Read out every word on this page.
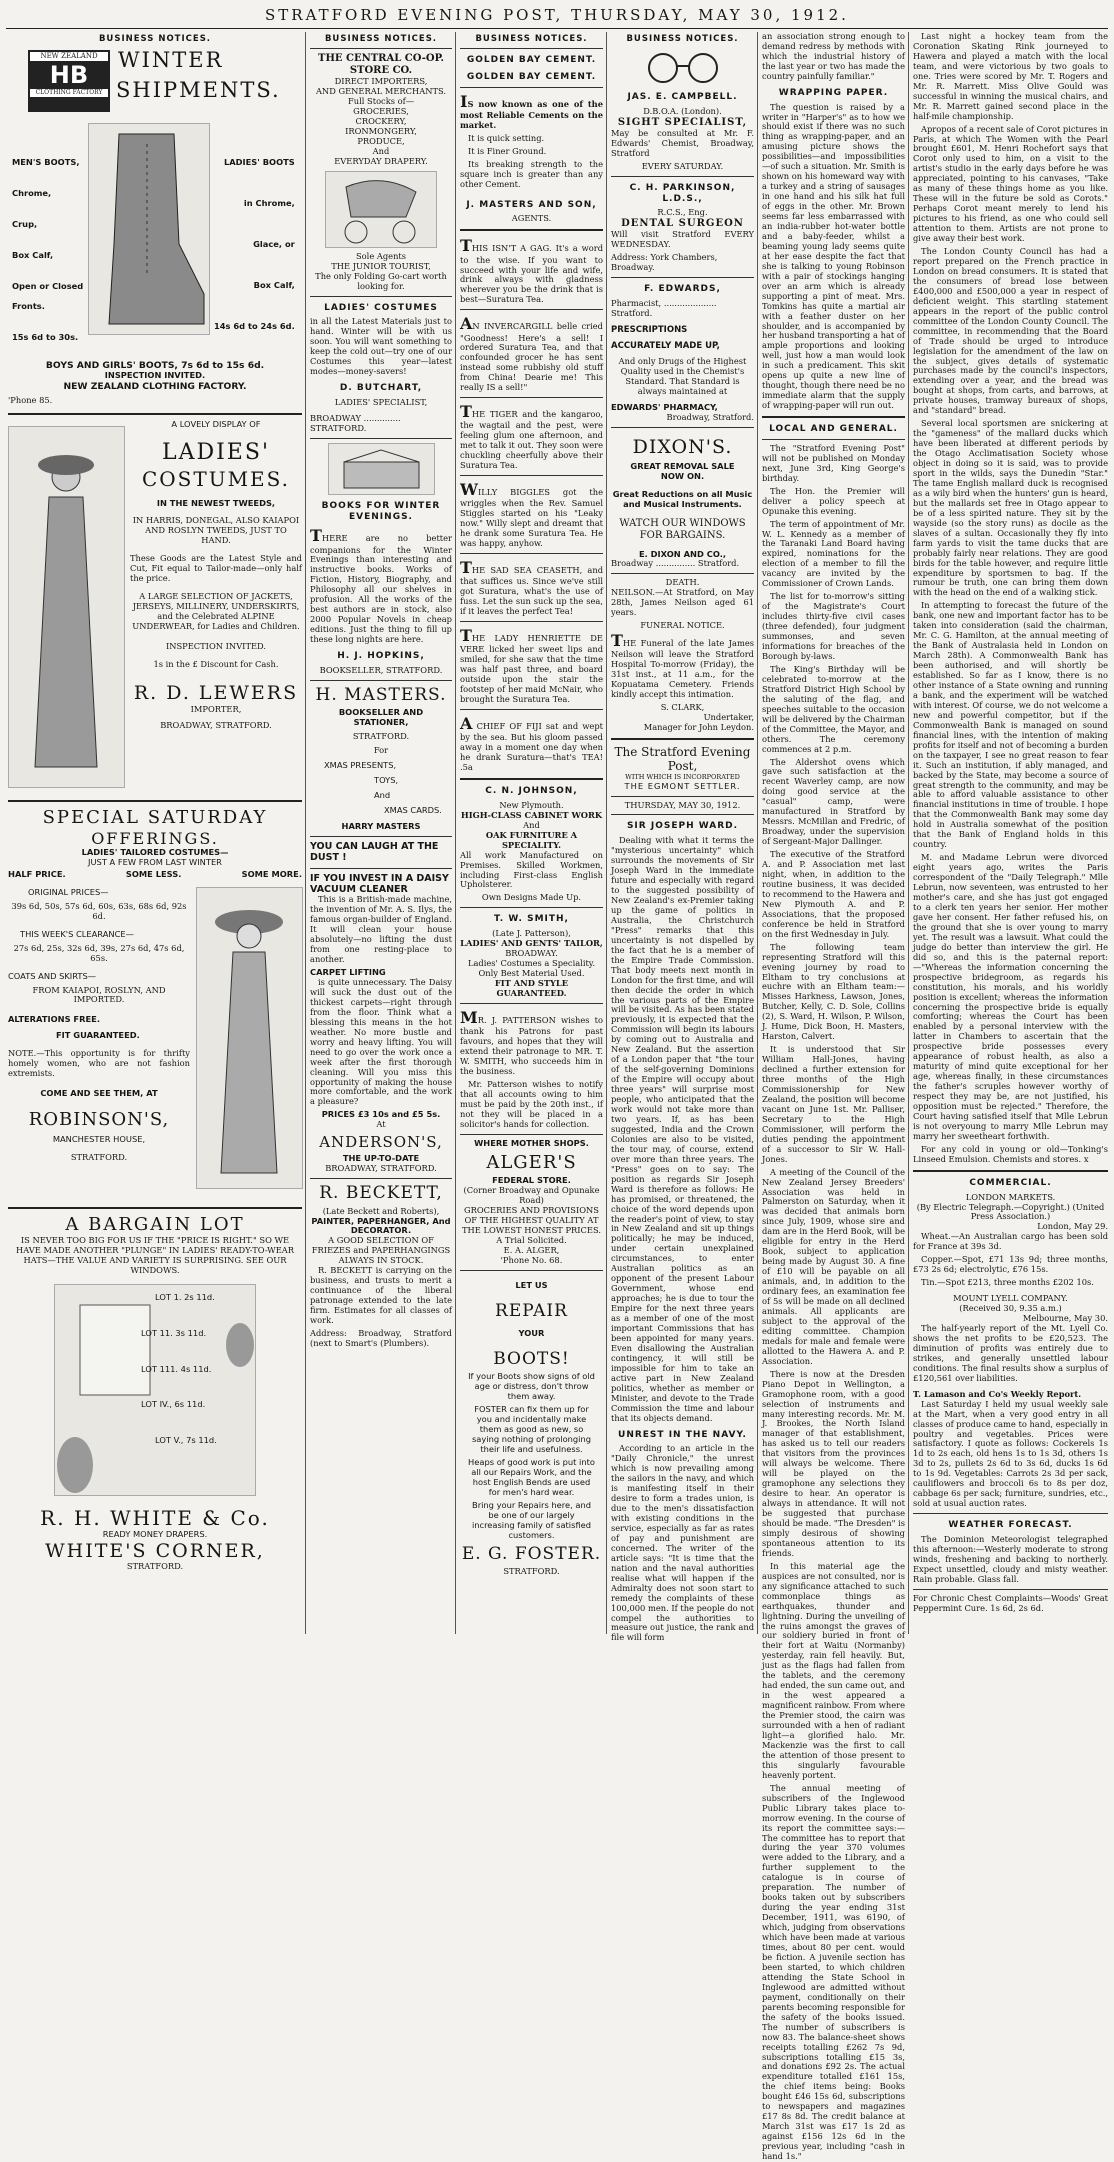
STRATFORD EVENING POST, THURSDAY, MAY 30, 1912.
BUSINESS NOTICES.
NEW ZEALAND
HB
CLOTHING FACTORY
WINTER
SHIPMENTS.
MEN'S BOOTS,
Chrome,
Crup,
Box Calf,
Open or Closed
Fronts.
15s 6d to 30s.
LADIES' BOOTS
in Chrome,
Glace, or
Box Calf,
14s 6d to 24s 6d.
BOYS AND GIRLS' BOOTS, 7s 6d to 15s 6d.
INSPECTION INVITED.
NEW ZEALAND CLOTHING FACTORY.
'Phone 85.
A LOVELY DISPLAY OF
LADIES'
COSTUMES.
IN THE NEWEST TWEEDS,
IN HARRIS, DONEGAL, ALSO KAIAPOI AND ROSLYN TWEEDS, JUST TO HAND.

These Goods are the Latest Style and Cut, Fit equal to Tailor-made—only half the price.

A LARGE SELECTION OF JACKETS, JERSEYS, MILLINERY, UNDERSKIRTS, and the Celebrated ALPINE UNDERWEAR, for Ladies and Children.
INSPECTION INVITED.
1s in the £ Discount for Cash.
R. D. LEWERS
IMPORTER,
BROADWAY, STRATFORD.
SPECIAL SATURDAY
OFFERINGS.
LADIES' TAILORED COSTUMES—
JUST A FEW FROM LAST WINTER
HALF PRICE.	SOME LESS.	SOME MORE.
ORIGINAL PRICES—
39s 6d, 50s, 57s 6d, 60s, 63s, 68s 6d, 92s 6d.
THIS WEEK'S CLEARANCE—
27s 6d, 25s, 32s 6d, 39s, 27s 6d, 47s 6d, 65s.
COATS AND SKIRTS—
FROM KAIAPOI, ROSLYN, AND IMPORTED.
ALTERATIONS FREE.
FIT GUARANTEED.

NOTE.—This opportunity is for thrifty homely women, who are not fashion extremists.

COME AND SEE THEM, AT
ROBINSON'S,
MANCHESTER HOUSE,
STRATFORD.
A BARGAIN LOT
IS NEVER TOO BIG FOR US IF THE "PRICE IS RIGHT." SO WE HAVE MADE ANOTHER "PLUNGE" IN LADIES' READY-TO-WEAR HATS—THE VALUE AND VARIETY IS SURPRISING. SEE OUR WINDOWS.
LOT 1. 2s 11d.
LOT 11. 3s 11d.
LOT 111. 4s 11d.
LOT IV., 6s 11d.
LOT V., 7s 11d.
R. H. WHITE & Co.
READY MONEY DRAPERS.
WHITE'S CORNER,
STRATFORD.
BUSINESS NOTICES.
THE CENTRAL CO-OP. STORE CO.
DIRECT IMPORTERS,
AND GENERAL MERCHANTS.
Full Stocks of—
GROCERIES,
CROCKERY,
IRONMONGERY,
PRODUCE,
And
EVERYDAY DRAPERY.
Sole Agents
THE JUNIOR TOURIST,
The only Folding Go-cart worth looking for.
LADIES' COSTUMES

in all the Latest Materials just to hand. Winter will be with us soon. You will want something to keep the cold out—try one of our Costumes this year—latest modes—money-savers!

D. BUTCHART,
LADIES' SPECIALIST,
BROADWAY .............. STRATFORD.
BOOKS FOR WINTER EVENINGS.

THERE are no better companions for the Winter Evenings than interesting and instructive books. Works of Fiction, History, Biography, and Philosophy all our shelves in profusion. All the works of the best authors are in stock, also 2000 Popular Novels in cheap editions. Just the thing to fill up these long nights are here.

H. J. HOPKINS,
BOOKSELLER, STRATFORD.
H. MASTERS.
BOOKSELLER AND STATIONER,
STRATFORD.
For
XMAS PRESENTS,
TOYS,
And
XMAS CARDS.
HARRY MASTERS
YOU CAN LAUGH AT THE DUST !
IF YOU INVEST IN A DAISY VACUUM CLEANER

This is a British-made machine, the invention of Mr. A. S. Ilys, the famous organ-builder of England. It will clean your house absolutely—no lifting the dust from one resting-place to another.

CARPET LIFTING

is quite unnecessary. The Daisy will suck the dust out of the thickest carpets—right through from the floor. Think what a blessing this means in the hot weather. No more bustle and worry and heavy lifting. You will need to go over the work once a week after the first thorough cleaning. Will you miss this opportunity of making the house more comfortable, and the work a pleasure?

PRICES £3 10s and £5 5s.
At
ANDERSON'S,
THE UP-TO-DATE
BROADWAY, STRATFORD.
R. BECKETT,
(Late Beckett and Roberts),
PAINTER, PAPERHANGER, And DECORATOR.
A GOOD SELECTION OF FRIEZES and PAPERHANGINGS ALWAYS IN STOCK.

R. BECKETT is carrying on the business, and trusts to merit a continuance of the liberal patronage extended to the late firm. Estimates for all classes of work.

Address: Broadway, Stratford (next to Smart's (Plumbers).

BUSINESS NOTICES.
GOLDEN BAY CEMENT.
GOLDEN BAY CEMENT.

IS now known as one of the most Reliable Cements on the market.

It is quick setting.

It is Finer Ground.

Its breaking strength to the square inch is greater than any other Cement.

J. MASTERS AND SON,
AGENTS.

THIS ISN'T A GAG. It's a word to the wise. If you want to succeed with your life and wife, drink always with gladness wherever you be the drink that is best—Suratura Tea.

AN INVERCARGILL belle cried "Goodness! Here's a sell! I ordered Suratura Tea, and that confounded grocer he has sent instead some rubbishy old stuff from China! Dearie me! This really IS a sell!"

THE TIGER and the kangaroo, the wagtail and the pest, were feeling glum one afternoon, and met to talk it out. They soon were chuckling cheerfully above their Suratura Tea.

WILLY BIGGLES got the wriggles when the Rev. Samuel Stiggles started on his "Leaky now." Willy slept and dreamt that he drank some Suratura Tea. He was happy, anyhow.

THE SAD SEA CEASETH, and that suffices us. Since we've still got Suratura, what's the use of fuss. Let the sun suck up the sea, if it leaves the perfect Tea!

THE LADY HENRIETTE DE VERE licked her sweet lips and smiled, for she saw that the time was half past three, and board outside upon the stair the footstep of her maid McNair, who brought the Suratura Tea.

A CHIEF OF FIJI sat and wept by the sea. But his gloom passed away in a moment one day when he drank Suratura—that's TEA! .5a

C. N. JOHNSON,
New Plymouth.
HIGH-CLASS CABINET WORK
And
OAK FURNITURE A SPECIALITY.

All work Manufactured on Premises. Skilled Workmen, including First-class English Upholsterer.

Own Designs Made Up.
T. W. SMITH,
(Late J. Patterson),
LADIES' AND GENTS' TAILOR,
BROADWAY.
Ladies' Costumes a Speciality.
Only Best Material Used.
FIT AND STYLE GUARANTEED.

MR. J. PATTERSON wishes to thank his Patrons for past favours, and hopes that they will extend their patronage to MR. T. W. SMITH, who succeeds him in the business.

Mr. Patterson wishes to notify that all accounts owing to him must be paid by the 20th inst., if not they will be placed in a solicitor's hands for collection.

WHERE MOTHER SHOPS.
ALGER'S
FEDERAL STORE.
(Corner Broadway and Opunake Road)
GROCERIES AND PROVISIONS OF THE HIGHEST QUALITY AT THE LOWEST HONEST PRICES.
A Trial Solicited.
E. A. ALGER,
'Phone No. 68.
LET US
REPAIR
YOUR
BOOTS!

If your Boots show signs of old age or distress, don't throw them away.

FOSTER can fix them up for you and incidentally make them as good as new, so saying nothing of prolonging their life and usefulness.

Heaps of good work is put into all our Repairs Work, and the host English Bends are used for men's hard wear.

Bring your Repairs here, and be one of our largely increasing family of satisfied customers.

E. G. FOSTER.
STRATFORD.
BUSINESS NOTICES.
JAS. E. CAMPBELL.
D.B.O.A. (London).
SIGHT SPECIALIST,

May be consulted at Mr. F. Edwards' Chemist, Broadway, Stratford

EVERY SATURDAY.
C. H. PARKINSON, L.D.S.,
R.C.S., Eng.
DENTAL SURGEON

Will visit Stratford EVERY WEDNESDAY.

Address: York Chambers, Broadway.
F. EDWARDS,
Pharmacist, .................... Stratford.
PRESCRIPTIONS
ACCURATELY MADE UP,

And only Drugs of the Highest Quality used in the Chemist's Standard. That Standard is always maintained at

EDWARDS' PHARMACY,
Broadway, Stratford.
DIXON'S.
GREAT REMOVAL SALE
NOW ON.
Great Reductions on all Music and Musical Instruments.
WATCH OUR WINDOWS FOR BARGAINS.
E. DIXON AND CO.,
Broadway ............... Stratford.
DEATH.

NEILSON.—At Stratford, on May 28th, James Neilson aged 61 years.

FUNERAL NOTICE.

THE Funeral of the late James Neilson will leave the Stratford Hospital To-morrow (Friday), the 31st inst., at 11 a.m., for the Kopuatama Cemetery. Friends kindly accept this intimation.

S. CLARK,
Undertaker,
Manager for John Leydon.
The Stratford Evening Post,
WITH WHICH IS INCORPORATED
THE EGMONT SETTLER.
THURSDAY, MAY 30, 1912.
SIR JOSEPH WARD.

Dealing with what it terms the "mysterious uncertainty" which surrounds the movements of Sir Joseph Ward in the immediate future and especially with regard to the suggested possibility of New Zealand's ex-Premier taking up the game of politics in Australia, the Christchurch "Press" remarks that this uncertainty is not dispelled by the fact that he is a member of the Empire Trade Commission. That body meets next month in London for the first time, and will then decide the order in which the various parts of the Empire will be visited. As has been stated previously, it is expected that the Commission will begin its labours by coming out to Australia and New Zealand. But the assertion of a London paper that "the tour of the self-governing Dominions of the Empire will occupy about three years" will surprise most people, who anticipated that the work would not take more than two years. If, as has been suggested, India and the Crown Colonies are also to be visited, the tour may, of course, extend over more than three years. The "Press" goes on to say: The position as regards Sir Joseph Ward is therefore as follows: He has promised, or threatened, the choice of the word depends upon the reader's point of view, to stay in New Zealand and sit up things politically; he may be induced, under certain unexplained circumstances, to enter Australian politics as an opponent of the present Labour Government, whose end approaches; he is due to tour the Empire for the next three years as a member of one of the most important Commissions that has been appointed for many years. Even disallowing the Australian contingency, it will still be impossible for him to take an active part in New Zealand politics, whether as member or Minister, and devote to the Trade Commission the time and labour that its objects demand.

UNREST IN THE NAVY.

According to an article in the "Daily Chronicle," the unrest which is now prevailing among the sailors in the navy, and which is manifesting itself in their desire to form a trades union, is due to the men's dissatisfaction with existing conditions in the service, especially as far as rates of pay and punishment are concerned. The writer of the article says: "It is time that the nation and the naval authorities realise what will happen if the Admiralty does not soon start to remedy the complaints of these 100,000 men. If the people do not compel the authorities to measure out justice, the rank and file will form

an association strong enough to demand redress by methods with which the industrial history of the last year or two has made the country painfully familiar."

WRAPPING PAPER.

The question is raised by a writer in "Harper's" as to how we should exist if there was no such thing as wrapping-paper, and an amusing picture shows the possibilities—and impossibilities—of such a situation. Mr. Smith is shown on his homeward way with a turkey and a string of sausages in one hand and his silk hat full of eggs in the other. Mr. Brown seems far less embarrassed with an india-rubber hot-water bottle and a baby-feeder, whilst a beaming young lady seems quite at her ease despite the fact that she is talking to young Robinson with a pair of stockings hanging over an arm which is already supporting a pint of meat. Mrs. Tomkins has quite a martial air with a feather duster on her shoulder, and is accompanied by her husband transporting a hat of ample proportions and looking well, just how a man would look in such a predicament. This skit opens up quite a new line of thought, though there need be no immediate alarm that the supply of wrapping-paper will run out.

LOCAL AND GENERAL.

The "Stratford Evening Post" will not be published on Monday next, June 3rd, King George's birthday.

The Hon. the Premier will deliver a policy speech at Opunake this evening.

The term of appointment of Mr. W. L. Kennedy as a member of the Taranaki Land Board having expired, nominations for the election of a member to fill the vacancy are invited by the Commissioner of Crown Lands.

The list for to-morrow's sitting of the Magistrate's Court includes thirty-five civil cases (three defended), four judgment summonses, and seven informations for breaches of the Borough by-laws.

The King's Birthday will be celebrated to-morrow at the Stratford District High School by the saluting of the flag, and speeches suitable to the occasion will be delivered by the Chairman of the Committee, the Mayor, and others. The ceremony commences at 2 p.m.

The Aldershot ovens which gave such satisfaction at the recent Waverley camp, are now doing good service at the "casual" camp, were manufactured in Stratford by Messrs. McMillan and Fredric, of Broadway, under the supervision of Sergeant-Major Dallinger.

The executive of the Stratford A. and P. Association met last night, when, in addition to the routine business, it was decided to recommend to the Hawera and New Plymouth A. and P. Associations, that the proposed conference be held in Stratford on the first Wednesday in July.

The following team representing Stratford will this evening journey by road to Eltham to try conclusions at euchre with an Eltham team:—Misses Harkness, Lawson, Jones, Butcher, Kelly, C. D. Sole, Collins (2), S. Ward, H. Wilson, P. Wilson, J. Hume, Dick Boon, H. Masters, Harston, Calvert.

It is understood that Sir William Hall-Jones, having declined a further extension for three months of the High Commissionership for New Zealand, the position will become vacant on June 1st. Mr. Palliser, Secretary to the High Commissioner, will perform the duties pending the appointment of a successor to Sir W. Hall-Jones.

A meeting of the Council of the New Zealand Jersey Breeders' Association was held in Palmerston on Saturday, when it was decided that animals born since July, 1909, whose sire and dam are in the Herd Book, will be eligible for entry in the Herd Book, subject to application being made by August 30. A fine of £10 will be payable on all animals, and, in addition to the ordinary fees, an examination fee of 5s will be made on all declined animals. All applicants are subject to the approval of the editing committee. Champion medals for male and female were allotted to the Hawera A. and P. Association.

There is now at the Dresden Piano Depot in Wellington, a Gramophone room, with a good selection of instruments and many interesting records. Mr. M. J. Brookes, the North Island manager of that establishment, has asked us to tell our readers that visitors from the provinces will always be welcome. There will be played on the gramophone any selections they desire to hear. An operator is always in attendance. It will not be suggested that purchase should be made. "The Dresden" is simply desirous of showing spontaneous attention to its friends.

In this material age the auspices are not consulted, nor is any significance attached to such commonplace things as earthquakes, thunder and lightning. During the unveiling of the ruins amongst the graves of our soldiery buried in front of their fort at Waitu (Normanby) yesterday, rain fell heavily. But, just as the flags had fallen from the tablets, and the ceremony had ended, the sun came out, and in the west appeared a magnificent rainbow. From where the Premier stood, the cairn was surrounded with a hen of radiant light—a glorified halo. Mr. Mackenzie was the first to call the attention of those present to this singularly favourable heavenly portent.

The annual meeting of subscribers of the Inglewood Public Library takes place to-morrow evening. In the course of its report the committee says:—The committee has to report that during the year 370 volumes were added to the Library, and a further supplement to the catalogue is in course of preparation. The number of books taken out by subscribers during the year ending 31st December, 1911, was 6190, of which, judging from observations which have been made at various times, about 80 per cent. would be fiction. A juvenile section has been started, to which children attending the State School in Inglewood are admitted without payment, conditionally on their parents becoming responsible for the safety of the books issued. The number of subscribers is now 83. The balance-sheet shows receipts totalling £262 7s 9d, subscriptions totalling £15 3s, and donations £92 2s. The actual expenditure totalled £161 15s, the chief items being: Books bought £46 15s 6d, subscriptions to newspapers and magazines £17 8s 8d. The credit balance at March 31st was £17 1s 2d as against £156 12s 6d in the previous year, including "cash in hand 1s."

Last night a hockey team from the Coronation Skating Rink journeyed to Hawera and played a match with the local team, and were victorious by two goals to one. Tries were scored by Mr. T. Rogers and Mr. R. Marrett. Miss Olive Gould was successful in winning the musical chairs, and Mr. R. Marrett gained second place in the half-mile championship.

Apropos of a recent sale of Corot pictures in Paris, at which The Women with the Pearl brought £601, M. Henri Rochefort says that Corot only used to him, on a visit to the artist's studio in the early days before he was appreciated, pointing to his canvases, "Take as many of these things home as you like. These will in the future be sold as Corots." Perhaps Corot meant merely to lend his pictures to his friend, as one who could sell attention to them. Artists are not prone to give away their best work.

The London County Council has had a report prepared on the French practice in London on bread consumers. It is stated that the consumers of bread lose between £400,000 and £500,000 a year in respect of deficient weight. This startling statement appears in the report of the public control committee of the London County Council. The committee, in recommending that the Board of Trade should be urged to introduce legislation for the amendment of the law on the subject, gives details of systematic purchases made by the council's inspectors, extending over a year, and the bread was bought at shops, from carts, and barrows, at private houses, tramway bureaux of shops, and "standard" bread.

Several local sportsmen are snickering at the "gameness" of the mallard ducks which have been liberated at different periods by the Otago Acclimatisation Society whose object in doing so it is said, was to provide sport in the wilds, says the Dunedin "Star." The tame English mallard duck is recognised as a wily bird when the hunters' gun is heard, but the mallards set free in Otago appear to be of a less spirited nature. They sit by the wayside (so the story runs) as docile as the slaves of a sultan. Occasionally they fly into farm yards to visit the tame ducks that are probably fairly near relations. They are good birds for the table however, and require little expenditure by sportsmen to bag. If the rumour be truth, one can bring them down with the head on the end of a walking stick.

In attempting to forecast the future of the bank, one new and important factor has to be taken into consideration (said the chairman, Mr. C. G. Hamilton, at the annual meeting of the Bank of Australasia held in London on March 28th). A Commonwealth Bank has been authorised, and will shortly be established. So far as I know, there is no other instance of a State owning and running a bank, and the experiment will be watched with interest. Of course, we do not welcome a new and powerful competitor, but if the Commonwealth Bank is managed on sound financial lines, with the intention of making profits for itself and not of becoming a burden on the taxpayer, I see no great reason to fear it. Such an institution, if ably managed, and backed by the State, may become a source of great strength to the community, and may be able to afford valuable assistance to other financial institutions in time of trouble. I hope that the Commonwealth Bank may some day hold in Australia somewhat of the position that the Bank of England holds in this country.

M. and Madame Lebrun were divorced eight years ago, writes the Paris correspondent of the "Daily Telegraph." Mlle Lebrun, now seventeen, was entrusted to her mother's care, and she has just got engaged to a clerk ten years her senior. Her mother gave her consent. Her father refused his, on the ground that she is over young to marry yet. The result was a lawsuit. What could the judge do better than interview the girl. He did so, and this is the paternal report:—"Whereas the information concerning the prospective bridegroom, as regards his constitution, his morals, and his worldly position is excellent; whereas the information concerning the prospective bride is equally comforting; whereas the Court has been enabled by a personal interview with the latter in Chambers to ascertain that the prospective bride possesses every appearance of robust health, as also a maturity of mind quite exceptional for her age, whereas finally, in these circumstances the father's scruples however worthy of respect they may be, are not justified, his opposition must be rejected." Therefore, the Court having satisfied itself that Mlle Lebrun is not overyoung to marry Mlle Lebrun may marry her sweetheart forthwith.

For any cold in young or old—Tonking's Linseed Emulsion. Chemists and stores. x

COMMERCIAL.
LONDON MARKETS.
(By Electric Telegraph.—Copyright.) (United Press Association.)
London, May 29.

Wheat.—An Australian cargo has been sold for France at 39s 3d.

Copper.—Spot, £71 13s 9d; three months, £73 2s 6d; electrolytic, £76 15s.

Tin.—Spot £213, three months £202 10s.

MOUNT LYELL COMPANY.
(Received 30, 9.35 a.m.)
Melbourne, May 30.

The half-yearly report of the Mt. Lyell Co. shows the net profits to be £20,523. The diminution of profits was entirely due to strikes, and generally unsettled labour conditions. The final results show a surplus of £120,561 over liabilities.

T. Lamason and Co's Weekly Report.

Last Saturday I held my usual weekly sale at the Mart, when a very good entry in all classes of produce came to hand, especially in poultry and vegetables. Prices were satisfactory. I quote as follows: Cockerels 1s 1d to 2s each, old hens 1s to 1s 3d, others 1s 3d to 2s, pullets 2s 6d to 3s 6d, ducks 1s 6d to 1s 9d. Vegetables: Carrots 2s 3d per sack, cauliflowers and broccoli 6s to 8s per doz, cabbage 6s per sack; furniture, sundries, etc., sold at usual auction rates.

WEATHER FORECAST.

The Dominion Meteorologist telegraphed this afternoon:—Westerly moderate to strong winds, freshening and backing to northerly. Expect unsettled, cloudy and misty weather. Rain probable. Glass fall.

For Chronic Chest Complaints—Woods' Great Peppermint Cure. 1s 6d, 2s 6d.
